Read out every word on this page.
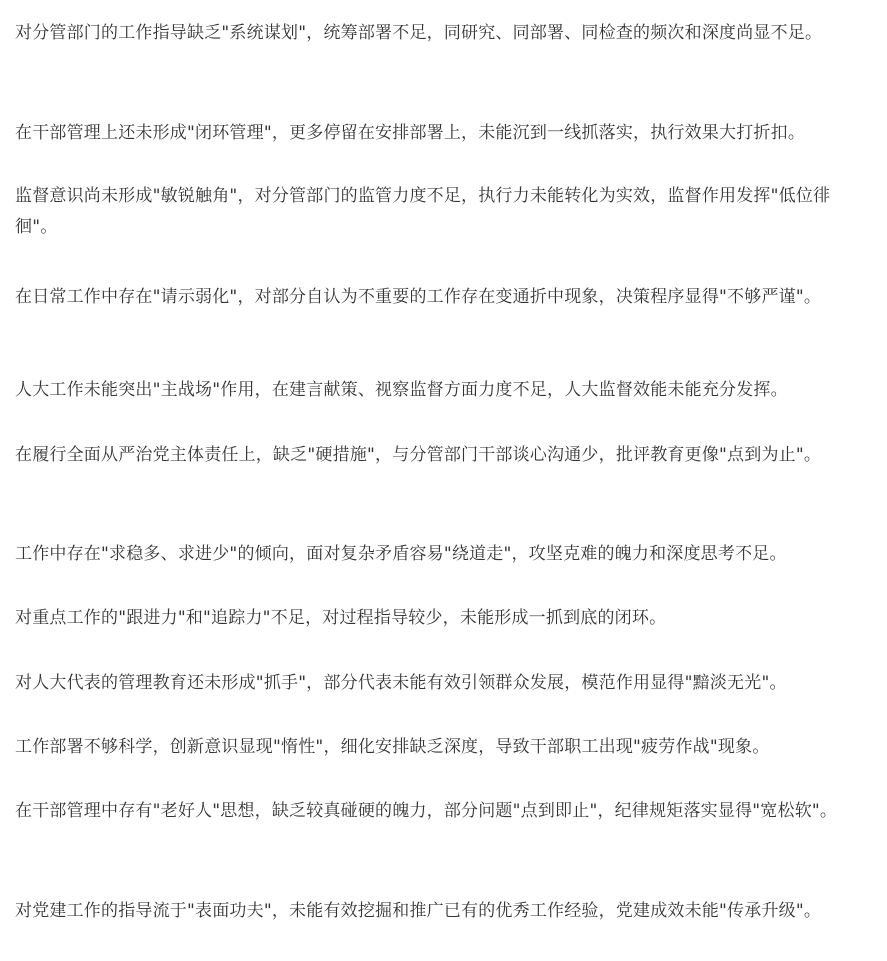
对分管部门的工作指导缺乏"系统谋划"，统筹部署不足，同研究、同部署、同检查的频次和深度尚显不足。

在干部管理上还未形成"闭环管理"，更多停留在安排部署上，未能沉到一线抓落实，执行效果大打折扣。

监督意识尚未形成"敏锐触角"，对分管部门的监管力度不足，执行力未能转化为实效，监督作用发挥"低位徘徊"。

在日常工作中存在"请示弱化"，对部分自认为不重要的工作存在变通折中现象，决策程序显得"不够严谨"。

人大工作未能突出"主战场"作用，在建言献策、视察监督方面力度不足，人大监督效能未能充分发挥。

在履行全面从严治党主体责任上，缺乏"硬措施"，与分管部门干部谈心沟通少，批评教育更像"点到为止"。

工作中存在"求稳多、求进少"的倾向，面对复杂矛盾容易"绕道走"，攻坚克难的魄力和深度思考不足。

对重点工作的"跟进力"和"追踪力"不足，对过程指导较少，未能形成一抓到底的闭环。

对人大代表的管理教育还未形成"抓手"，部分代表未能有效引领群众发展，模范作用显得"黯淡无光"。

工作部署不够科学，创新意识显现"惰性"，细化安排缺乏深度，导致干部职工出现"疲劳作战"现象。

在干部管理中存有"老好人"思想，缺乏较真碰硬的魄力，部分问题"点到即止"，纪律规矩落实显得"宽松软"。

对党建工作的指导流于"表面功夫"，未能有效挖掘和推广已有的优秀工作经验，党建成效未能"传承升级"。
